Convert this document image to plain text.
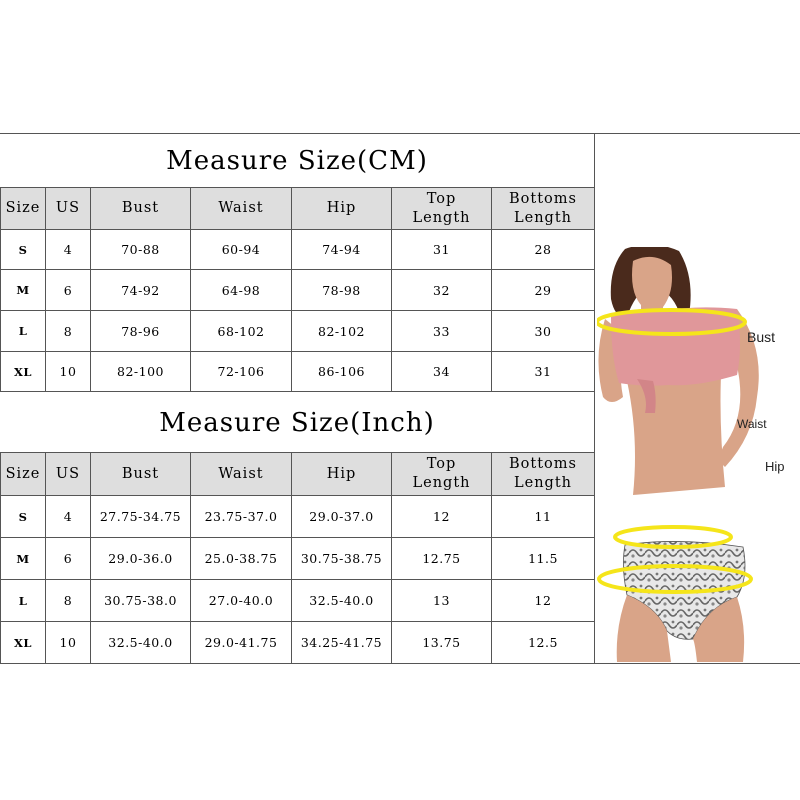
Measure Size(CM)
Size	US	Bust	Waist	Hip	Top Length	Bottoms Length
S	4	70-88	60-94	74-94	31	28
M	6	74-92	64-98	78-98	32	29
L	8	78-96	68-102	82-102	33	30
XL	10	82-100	72-106	86-106	34	31
Measure Size(Inch)
Size	US	Bust	Waist	Hip	Top Length	Bottoms Length
S	4	27.75-34.75	23.75-37.0	29.0-37.0	12	11
M	6	29.0-36.0	25.0-38.75	30.75-38.75	12.75	11.5
L	8	30.75-38.0	27.0-40.0	32.5-40.0	13	12
XL	10	32.5-40.0	29.0-41.75	34.25-41.75	13.75	12.5
Bust
Waist
Hip
